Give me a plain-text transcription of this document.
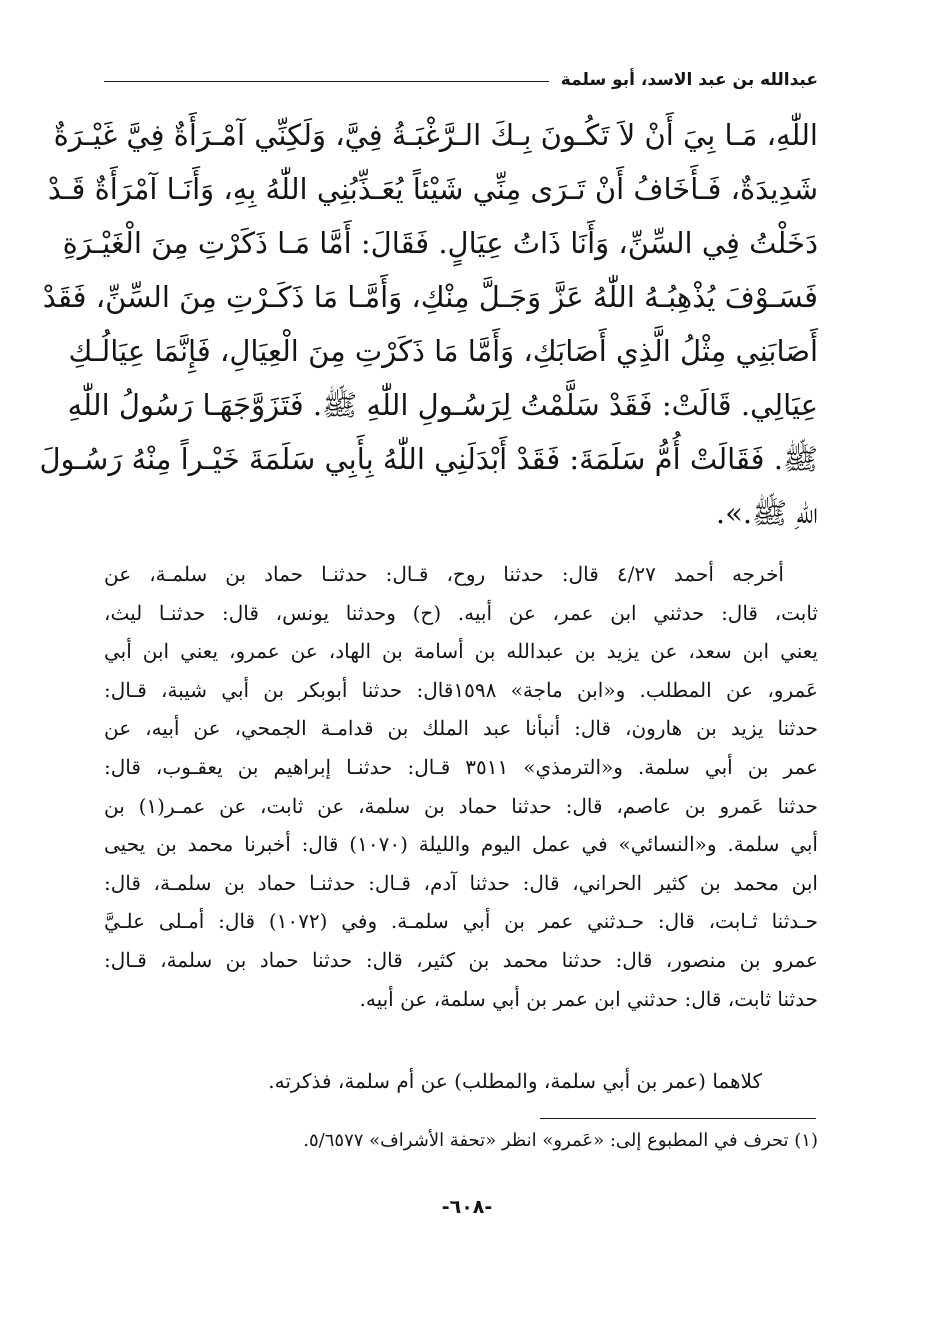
عبدالله بن عبد الاسد، أبو سلمة
اللّٰهِ، مَـا بِيَ أَنْ لاَ تَكُـونَ بِـكَ الـرَّغْبَـةُ فِيَّ، وَلَكِنِّي آمْـرَأَةٌ فِيَّ غَيْـرَةٌ
شَدِيدَةٌ، فَـأَخَافُ أَنْ تَـرَى مِنِّي شَيْئاً يُعَـذِّبُنِي اللّٰهُ بِهِ، وَأَنَـا آمْرَأَةٌ قَـدْ
دَخَلْتُ فِي السِّنِّ، وَأَنَا ذَاتُ عِيَالٍ. فَقَالَ: أَمَّا مَـا ذَكَرْتِ مِنَ الْغَيْـرَةِ
فَسَـوْفَ يُذْهِبُـهُ اللّٰهُ عَزَّ وَجَـلَّ مِنْكِ، وَأَمَّـا مَا ذَكَـرْتِ مِنَ السِّنِّ، فَقَدْ
أَصَابَنِي مِثْلُ الَّذِي أَصَابَكِ، وَأَمَّا مَا ذَكَرْتِ مِنَ الْعِيَالِ، فَإِنَّمَا عِيَالُـكِ
عِيَالِي. قَالَتْ: فَقَدْ سَلَّمْتُ لِرَسُـولِ اللّٰهِ ﷺ. فَتَزَوَّجَهَـا رَسُولُ اللّٰهِ
ﷺ. فَقَالَتْ أُمُّ سَلَمَةَ: فَقَدْ أَبْدَلَنِي اللّٰهُ بِأَبِي سَلَمَةَ خَيْـراً مِنْهُ رَسُـولَ
اللّٰهِ ﷺ.».
أخرجه أحمد ٤/٢٧ قال: حدثنا روح، قـال: حدثنـا حماد بن سلمـة، عن
ثابت، قال: حدثني ابن عمر، عن أبيه. (ح) وحدثنا يونس، قال: حدثنـا ليث،
يعني ابن سعد، عن يزيد بن عبدالله بن أسامة بن الهاد، عن عمرو، يعني ابن أبي
عَمرو، عن المطلب. و«ابن ماجة» ١٥٩٨قال: حدثنا أبوبكر بن أبي شيبة، قـال:
حدثنا يزيد بن هارون، قال: أنبأنا عبد الملك بن قدامـة الجمحي، عن أبيه، عن
عمر بن أبي سلمة. و«الترمذي» ٣٥١١ قـال: حدثنـا إبراهيم بن يعقـوب، قال:
حدثنا عَمرو بن عاصم، قال: حدثنا حماد بن سلمة، عن ثابت، عن عمـر(١) بن
أبي سلمة. و«النسائي» في عمل اليوم والليلة (١٠٧٠) قال: أخبرنا محمد بن يحيى
ابن محمد بن كثير الحراني، قال: حدثنا آدم، قـال: حدثنـا حماد بن سلمـة، قال:
حـدثنا ثـابت، قال: حـدثني عمر بن أبي سلمـة. وفي (١٠٧٢) قال: أمـلى علـيَّ
عمرو بن منصور، قال: حدثنا محمد بن كثير، قال: حدثنا حماد بن سلمة، قـال:
حدثنا ثابت، قال: حدثني ابن عمر بن أبي سلمة، عن أبيه.
كلاهما (عمر بن أبي سلمة، والمطلب) عن أم سلمة، فذكرته.
(١) تحرف في المطبوع إلى: «عَمرو» انظر «تحفة الأشراف» ٥/٦٥٧٧.
-٦٠٨-
